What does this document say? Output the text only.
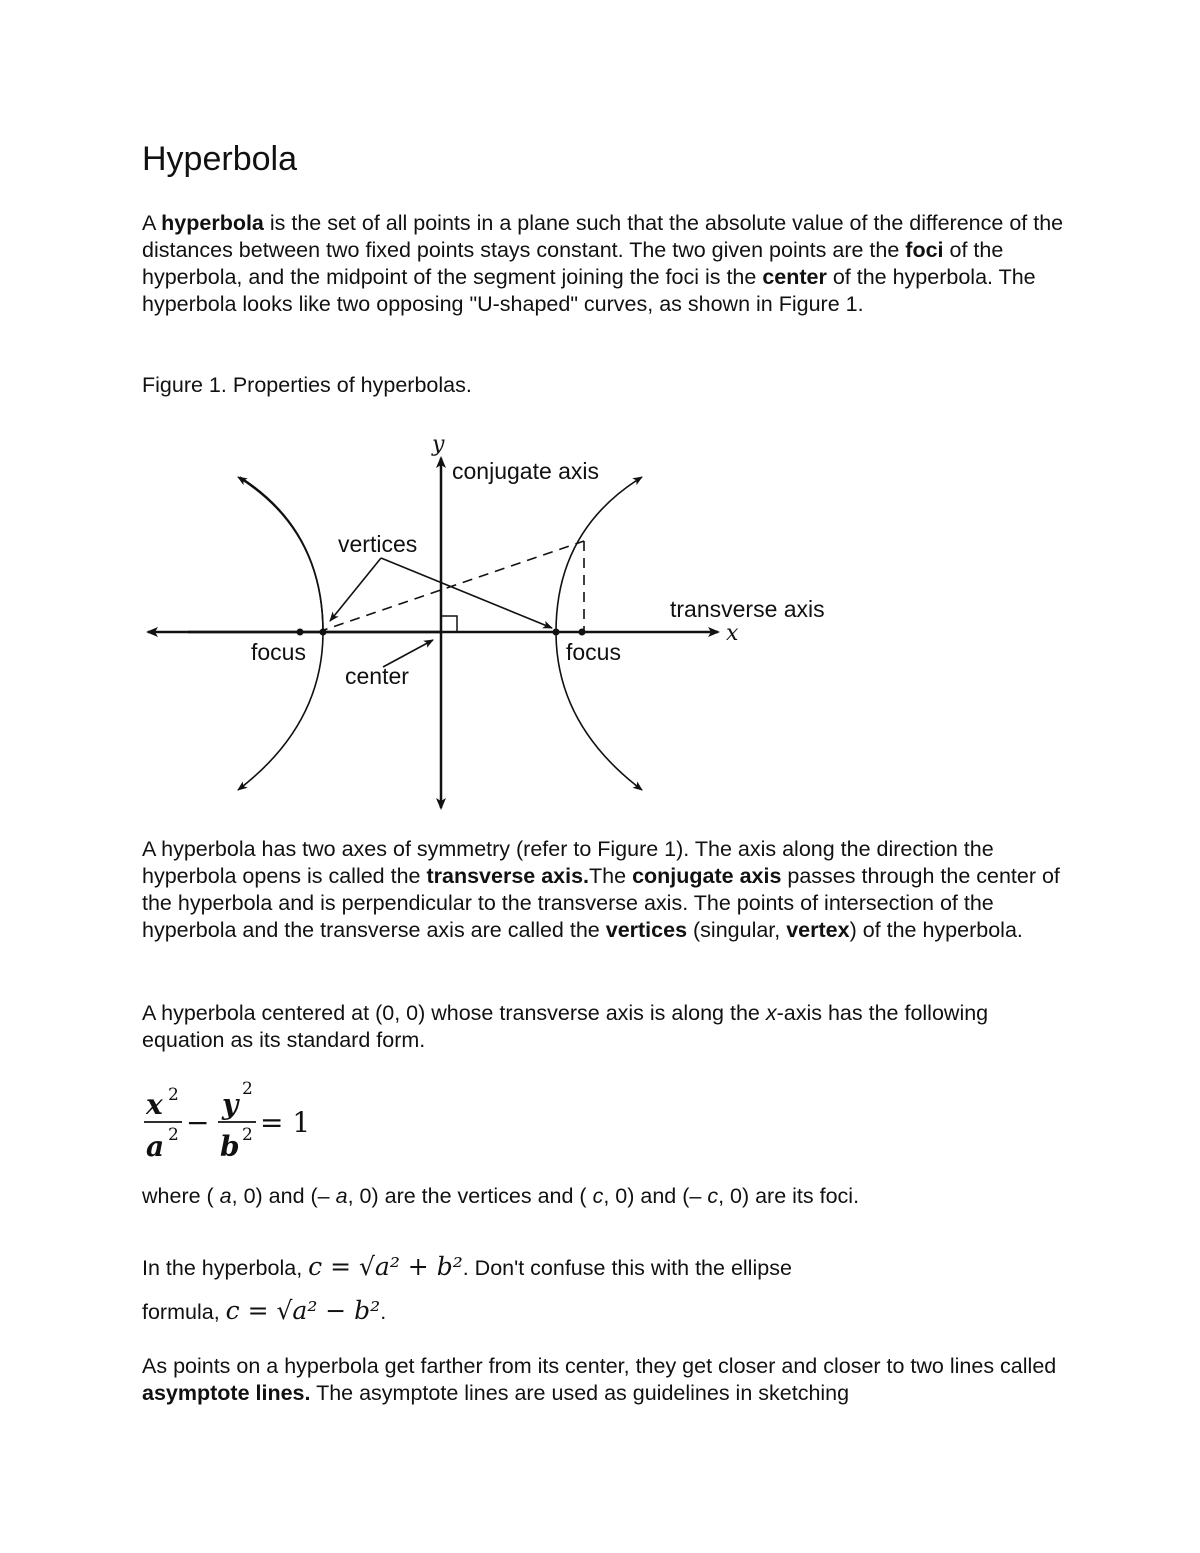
Hyperbola

A hyperbola is the set of all points in a plane such that the absolute value of the difference of the distances between two fixed points stays constant. The two given points are the foci of the hyperbola, and the midpoint of the segment joining the foci is the center of the hyperbola. The hyperbola looks like two opposing "U-shaped" curves, as shown in Figure 1.

Figure 1. Properties of hyperbolas.

y
x
conjugate axis
vertices
transverse axis
focus	focus
center

A hyperbola has two axes of symmetry (refer to Figure 1). The axis along the direction the hyperbola opens is called the transverse axis.The conjugate axis passes through the center of the hyperbola and is perpendicular to the transverse axis. The points of intersection of the hyperbola and the transverse axis are called the vertices (singular, vertex) of the hyperbola.

A hyperbola centered at (0, 0) whose transverse axis is along the x-axis has the following equation as its standard form.

x 2
a 2 −
y 2
b 2 = 1

where ( a, 0) and (– a, 0) are the vertices and ( c, 0) and (– c, 0) are its foci.

In the hyperbola, c = √a² + b². Don't confuse this with the ellipse
formula, c = √a² − b².

As points on a hyperbola get farther from its center, they get closer and closer to two lines called asymptote lines. The asymptote lines are used as guidelines in sketching
